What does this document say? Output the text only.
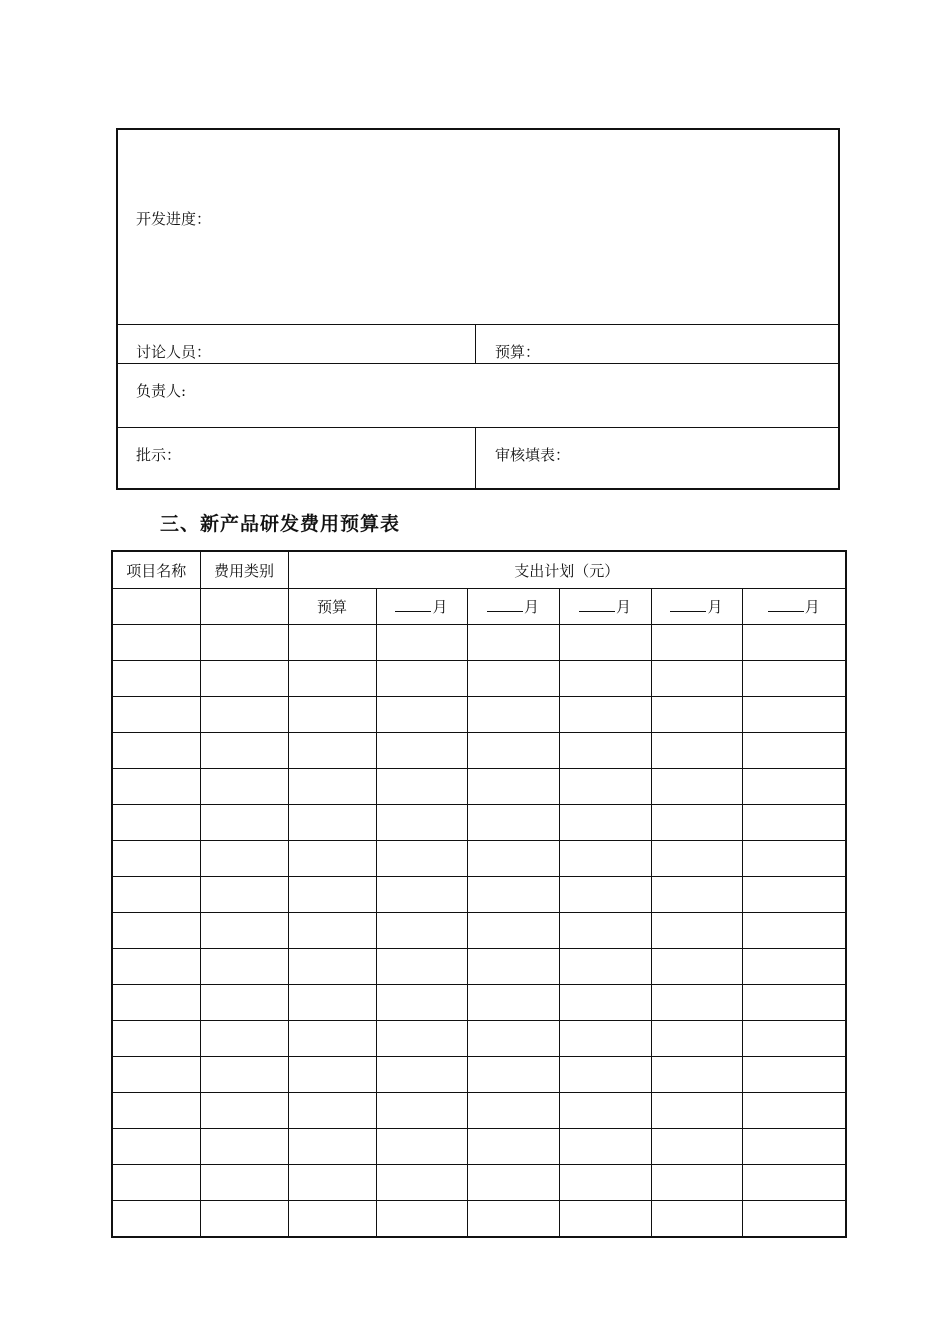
开发进度：
讨论人员：	预算：
负责人:
批示：	审核填表：
三、新产品研发费用预算表
项目名称	费用类别	支出计划（元）					
		预算	月	月	月	月	月
